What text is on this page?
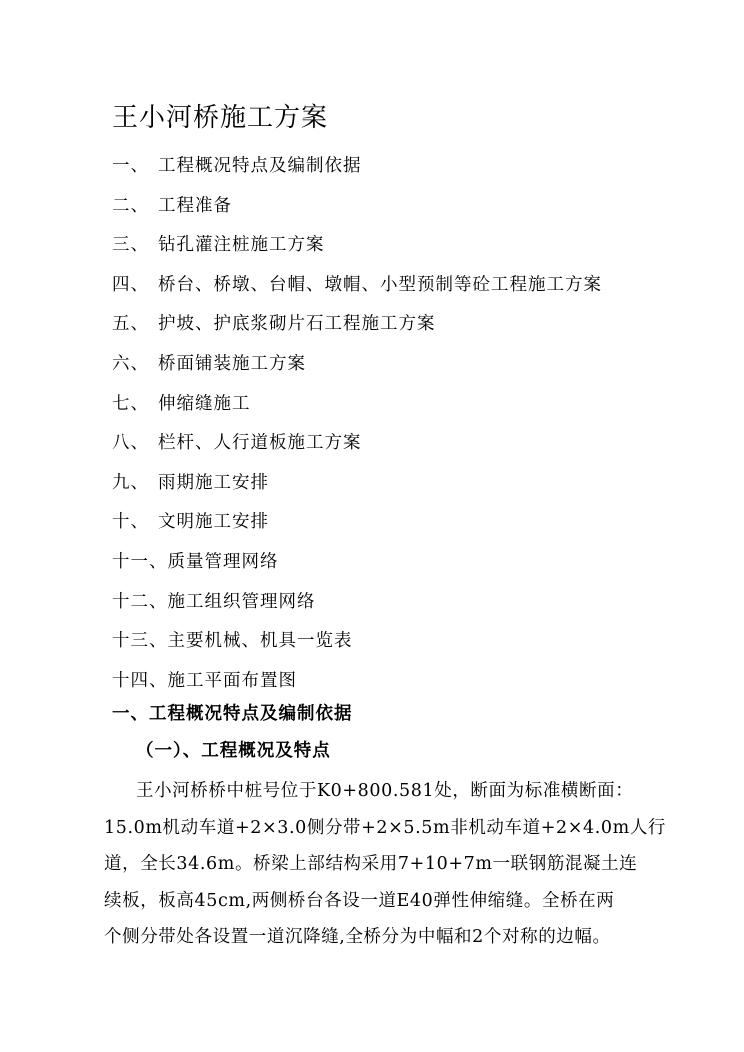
王小河桥施工方案
一、 工程概况特点及编制依据
二、 工程准备
三、 钻孔灌注桩施工方案
四、 桥台、桥墩、台帽、墩帽、小型预制等砼工程施工方案
五、 护坡、护底浆砌片石工程施工方案
六、 桥面铺装施工方案
七、 伸缩缝施工
八、 栏杆、人行道板施工方案
九、 雨期施工安排
十、 文明施工安排
十一、质量管理网络
十二、施工组织管理网络
十三、主要机械、机具一览表
十四、施工平面布置图
一、工程概况特点及编制依据
（一）、工程概况及特点
王小河桥桥中桩号位于K0+800.581处，断面为标准横断面：
15.0m机动车道+2×3.0侧分带+2×5.5m非机动车道+2×4.0m人行
道，全长34.6m。桥梁上部结构采用7+10+7m一联钢筋混凝土连
续板，板高45cm,两侧桥台各设一道E40弹性伸缩缝。全桥在两
个侧分带处各设置一道沉降缝,全桥分为中幅和2个对称的边幅。
